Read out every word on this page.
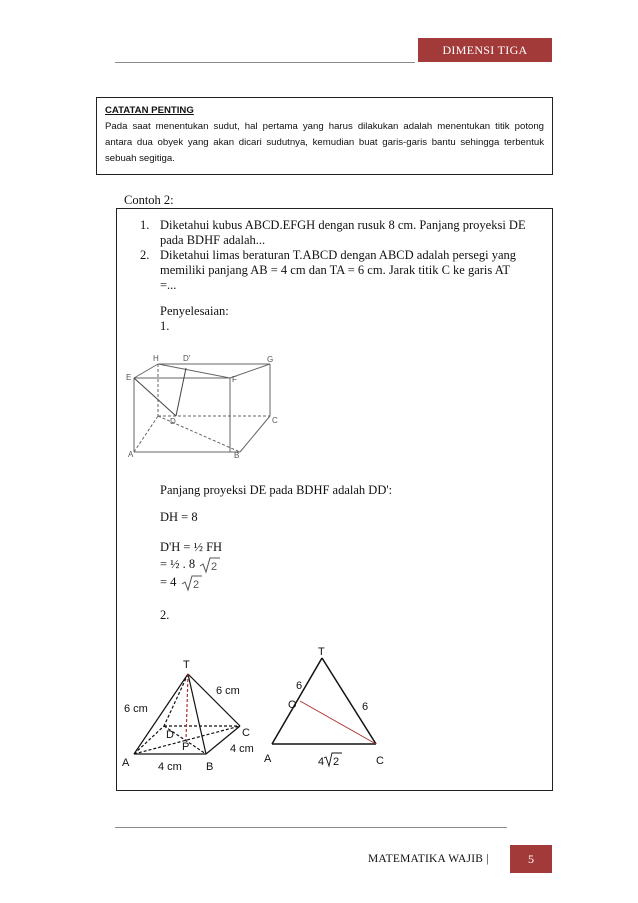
DIMENSI TIGA
CATATAN PENTING
Pada saat menentukan sudut, hal pertama yang harus dilakukan adalah menentukan titik potong antara dua obyek yang akan dicari sudutnya, kemudian buat garis-garis bantu sehingga terbentuk sebuah segitiga.
Contoh 2:
1. Diketahui kubus ABCD.EFGH dengan rusuk 8 cm. Panjang proyeksi DE
pada BDHF adalah...
2. Diketahui limas beraturan T.ABCD dengan ABCD adalah persegi yang
memiliki panjang AB = 4 cm dan TA = 6 cm. Jarak titik C ke garis AT
=...
Penyelesaian:
1.
H	D'	G
E	F
D	C
A	B
Panjang proyeksi DE pada BDHF adalah DD':
DH = 8
D'H = ½ FH
= ½ . 8 2
= 4 2
2.
T
D	C
P
A	B
6 cm
6 cm
4 cm
4 cm
T
O
A	C
6
6
4 2
MATEMATIKA WAJIB |	5
